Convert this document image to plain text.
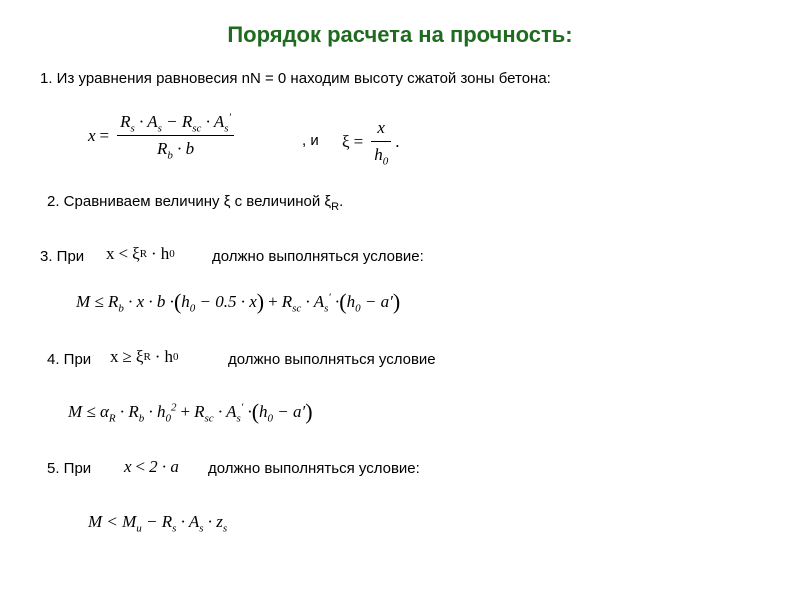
Порядок расчета на прочность:
1. Из уравнения равновесия nN = 0 находим высоту сжатой зоны бетона:
$x = \frac{R_s \cdot A_s - R_{sc} \cdot A_s'}{R_b \cdot b}$	, и $\xi = \frac{x}{h_0}$ .
2. Сравниваем величину ξ с величиной $\xi_R$.
3. При x < ξ R · h 0 должно выполняться условие:
$M \le R_b \cdot x \cdot b$ · ( $h_0 - 0.5 \cdot x$ ) + $R_{sc} \cdot A_s'$ · ( $h_0 - a'$ )
4. При x ≥ ξ R · h 0	должно выполняться условие
$M \le \alpha_R \cdot R_b \cdot h_0^2 + R_{sc} \cdot A_s'$ · ( $h_0 - a'$ )
5. При x < 2 · a должно выполняться условие:
$M < M_u - R_s \cdot A_s \cdot z_s$
